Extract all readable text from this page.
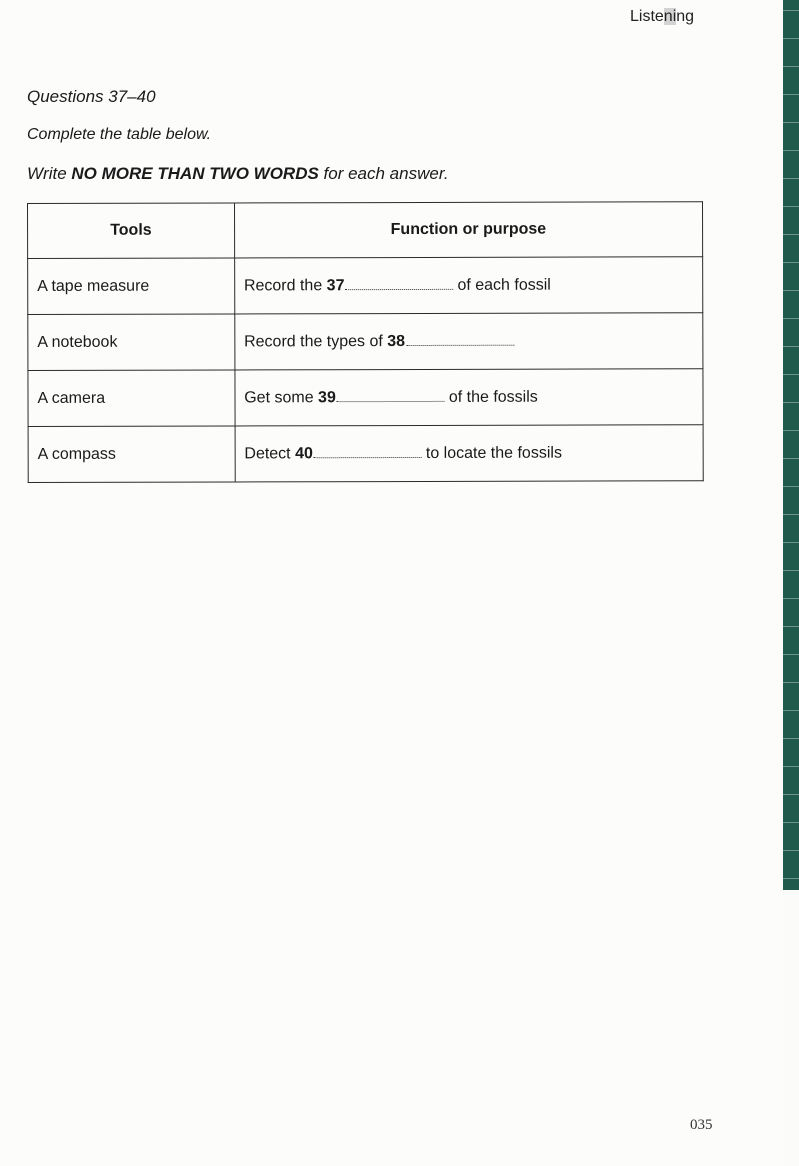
Listening
Questions 37–40
Complete the table below.
Write NO MORE THAN TWO WORDS for each answer.
Tools	Function or purpose
A tape measure	Record the 37 of each fossil
A notebook	Record the types of 38
A camera	Get some 39 of the fossils
A compass	Detect 40 to locate the fossils
035
